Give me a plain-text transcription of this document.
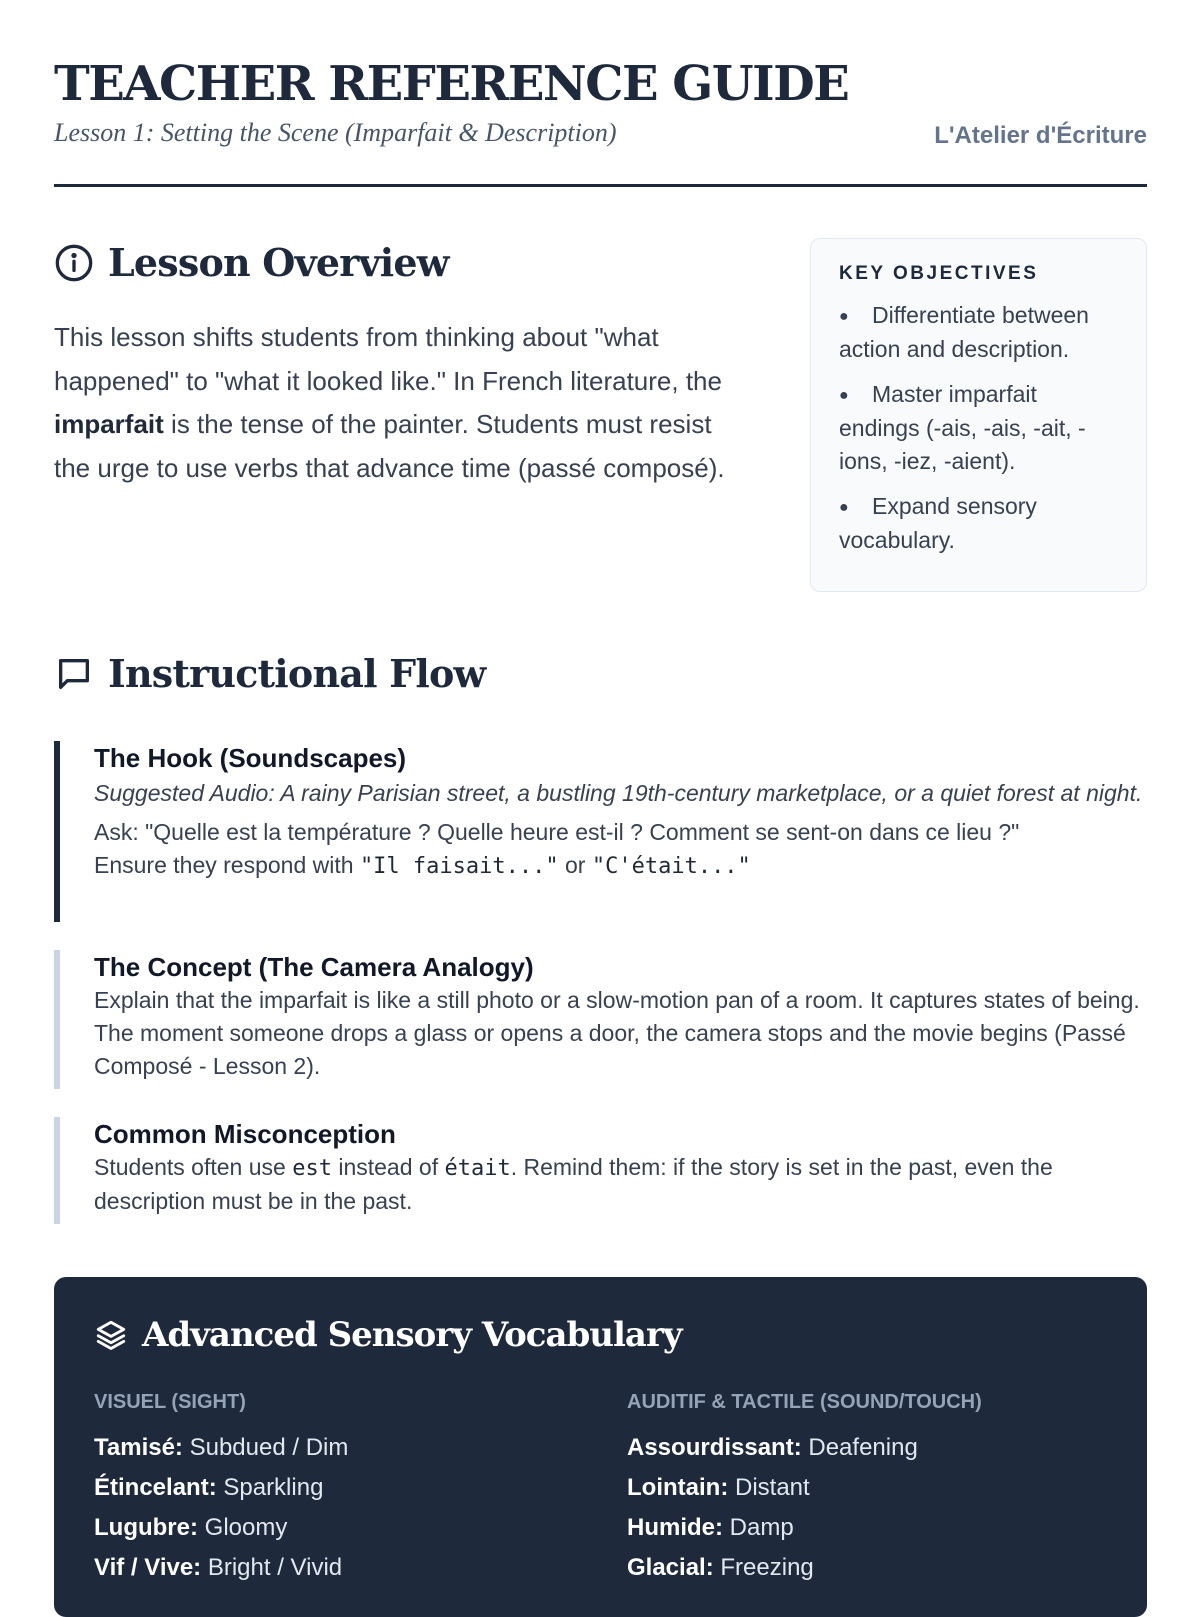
TEACHER REFERENCE GUIDE

Lesson 1: Setting the Scene (Imparfait & Description)	L'Atelier d'Écriture
Lesson Overview

This lesson shifts students from thinking about "what happened" to "what it looked like." In French literature, the imparfait is the tense of the painter. Students must resist the urge to use verbs that advance time (passé composé).

KEY OBJECTIVES
● Differentiate between action and description.
● Master imparfait endings (-ais, -ais, -ait, -ions, -iez, -aient).
● Expand sensory vocabulary.
Instructional Flow
The Hook (Soundscapes)

Suggested Audio: A rainy Parisian street, a bustling 19th-century marketplace, or a quiet forest at night.

Ask: "Quelle est la température ? Quelle heure est-il ? Comment se sent-on dans ce lieu ?"

Ensure they respond with "Il faisait..." or "C'était..."

The Concept (The Camera Analogy)

Explain that the imparfait is like a still photo or a slow-motion pan of a room. It captures states of being. The moment someone drops a glass or opens a door, the camera stops and the movie begins (Passé Composé - Lesson 2).

Common Misconception

Students often use est instead of était. Remind them: if the story is set in the past, even the description must be in the past.

Advanced Sensory Vocabulary
VISUEL (SIGHT)
Tamisé: Subdued / Dim
Étincelant: Sparkling
Lugubre: Gloomy
Vif / Vive: Bright / Vivid
AUDITIF & TACTILE (SOUND/TOUCH)
Assourdissant: Deafening
Lointain: Distant
Humide: Damp
Glacial: Freezing
